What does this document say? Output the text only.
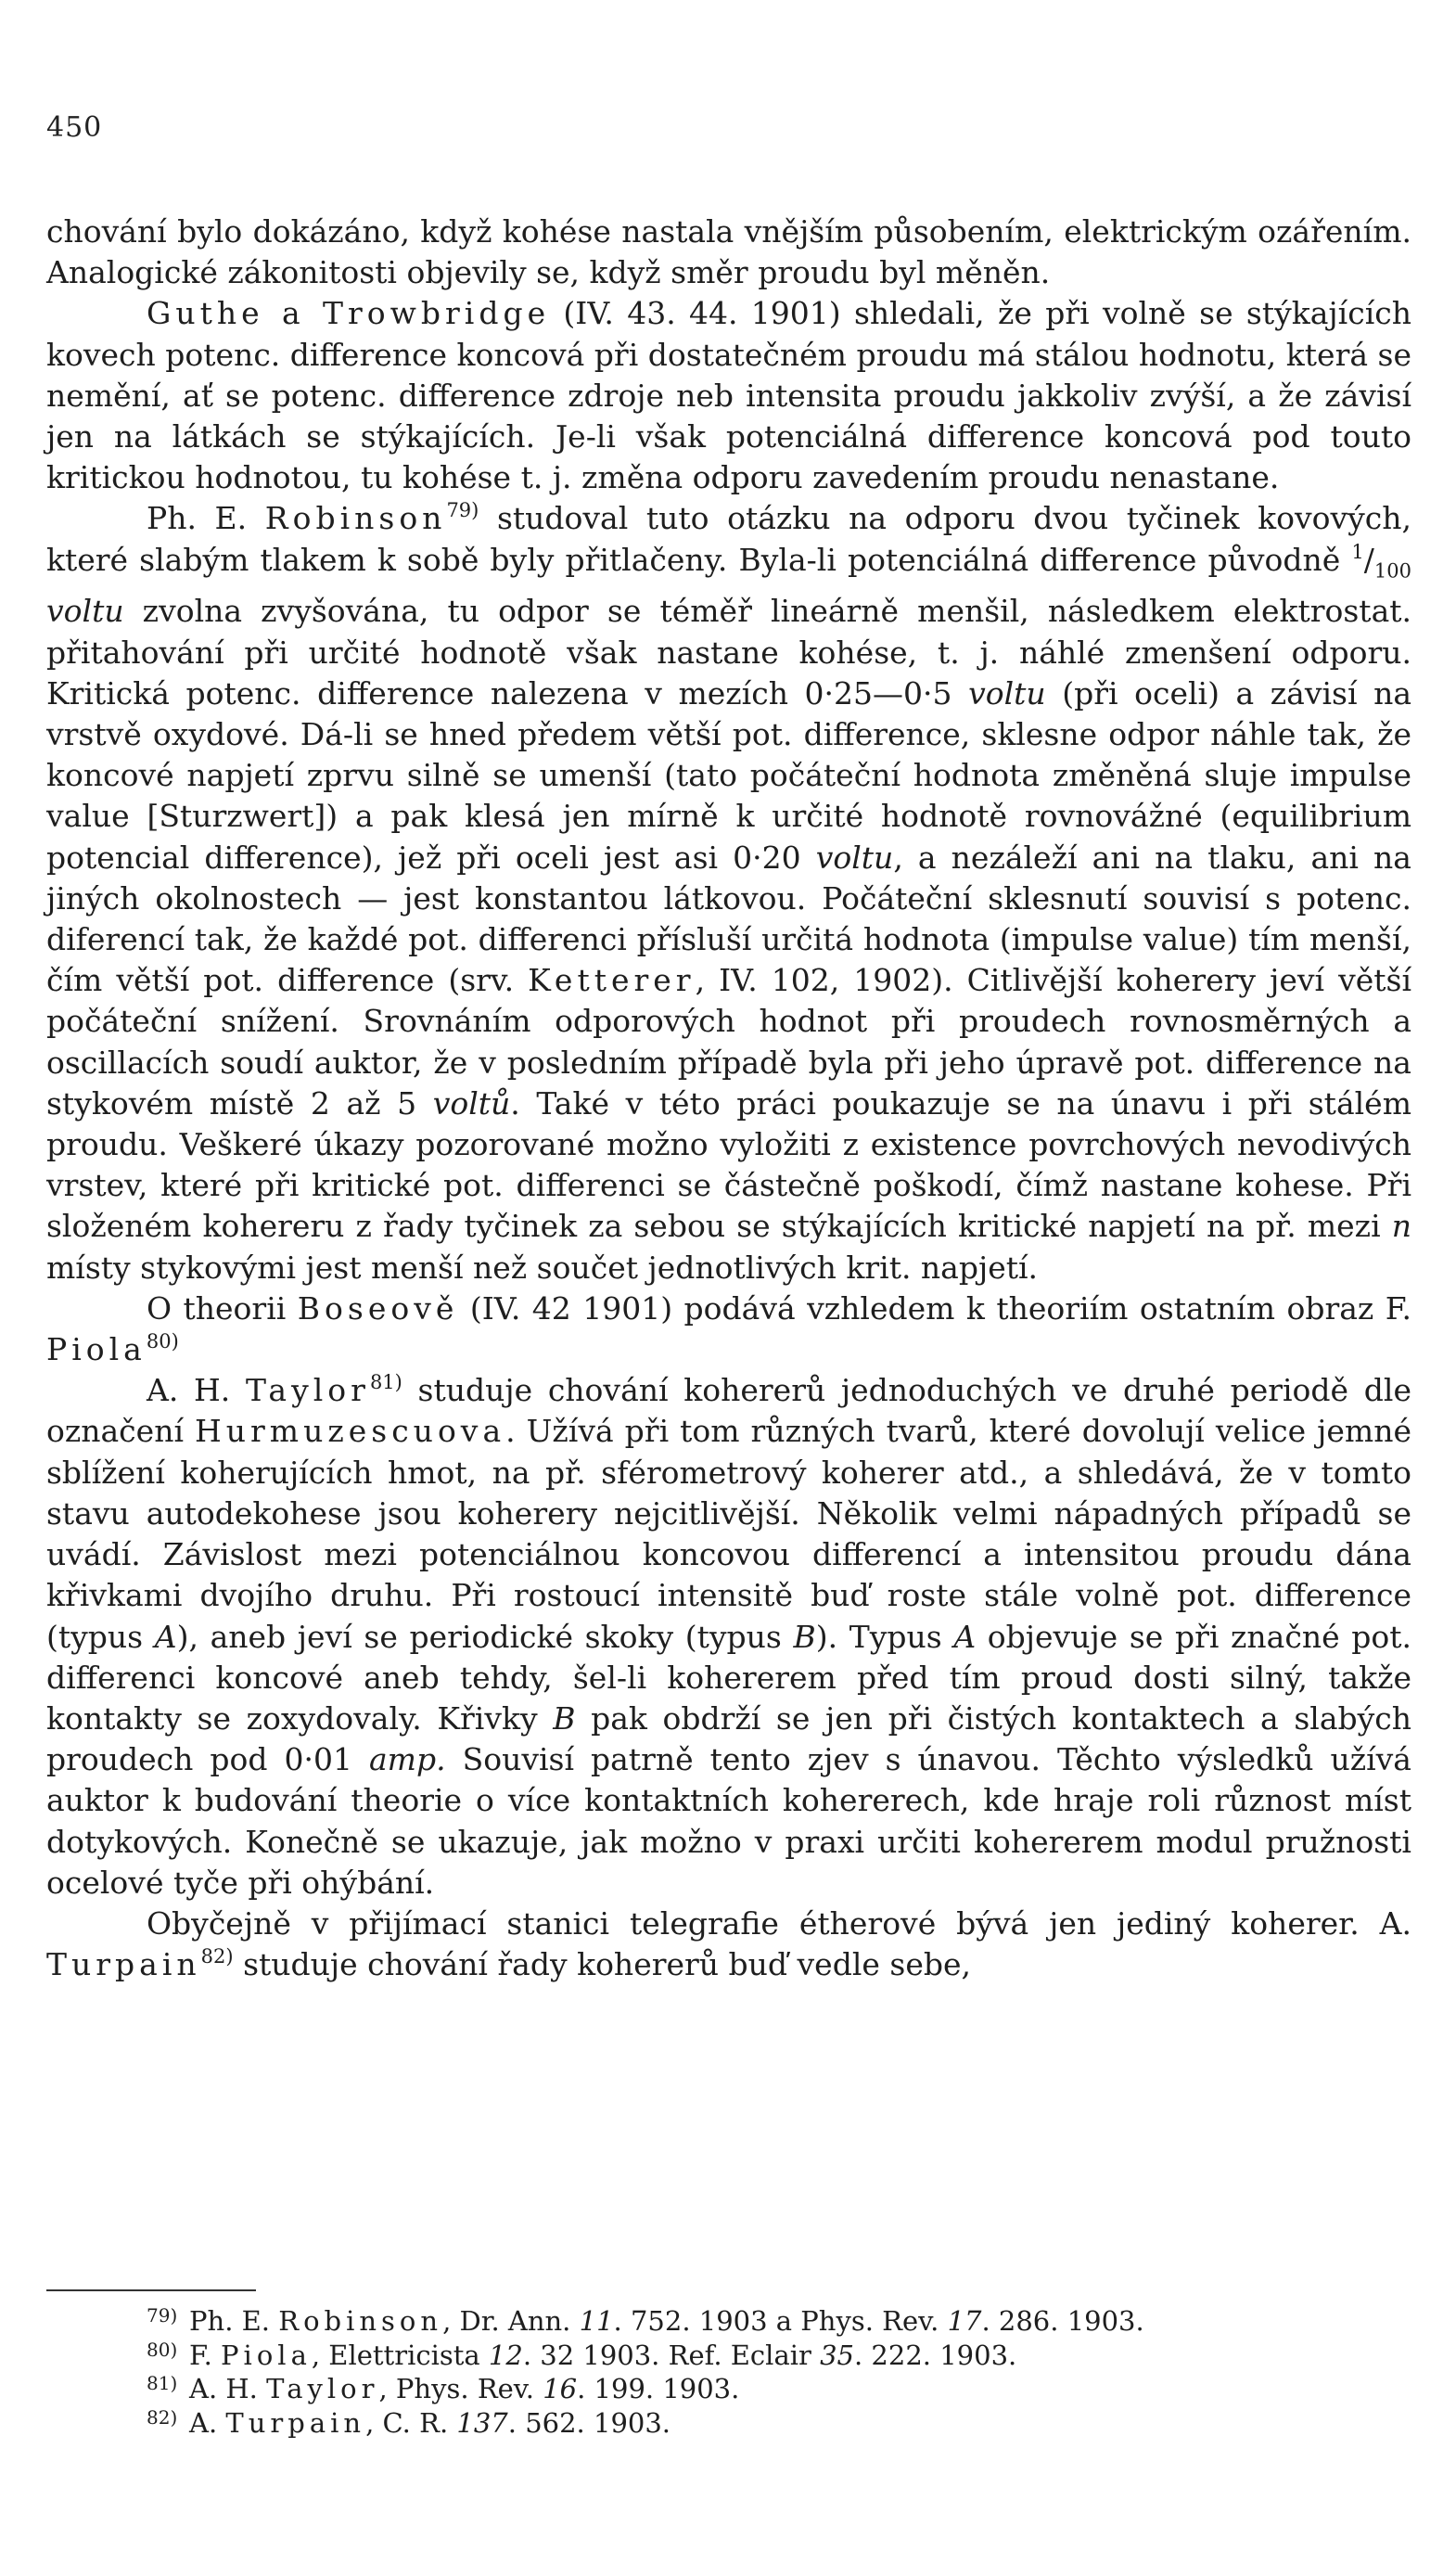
450

chování bylo dokázáno, když kohése nastala vnějším působením, elektrickým ozářením. Analogické zákonitosti objevily se, když směr proudu byl měněn.

Guthe a Trowbridge (IV. 43. 44. 1901) shledali, že při volně se stýkajících kovech potenc. difference koncová při dostatečném proudu má stálou hodnotu, která se nemění, ať se potenc. difference zdroje neb intensita proudu jakkoliv zvýší, a že závisí jen na látkách se stýkajících. Je-li však potenciálná difference koncová pod touto kritickou hodnotou, tu kohése t. j. změna odporu zavedením proudu nenastane.

Ph. E. Robinson$^{79)}$ studoval tuto otázku na odporu dvou tyčinek kovových, které slabým tlakem k sobě byly přitlačeny. Byla-li potenciálná difference původně $^1/_{100}$ voltu zvolna zvyšována, tu odpor se téměř lineárně menšil, následkem elektrostat. přitahování při určité hodnotě však nastane kohése, t. j. náhlé zmenšení odporu. Kritická potenc. difference nalezena v mezích 0·25—0·5 voltu (při oceli) a závisí na vrstvě oxydové. Dá-li se hned předem větší pot. difference, sklesne odpor náhle tak, že koncové napjetí zprvu silně se umenší (tato počáteční hodnota změněná sluje impulse value [Sturzwert]) a pak klesá jen mírně k určité hodnotě rovnovážné (equilibrium potencial difference), jež při oceli jest asi 0·20 voltu, a nezáleží ani na tlaku, ani na jiných okolnostech — jest konstantou látkovou. Počáteční sklesnutí souvisí s potenc. diferencí tak, že každé pot. differenci přísluší určitá hodnota (impulse value) tím menší, čím větší pot. difference (srv. Ketterer, IV. 102, 1902). Citlivější koherery jeví větší počáteční snížení. Srovnáním odporových hodnot při proudech rovnosměrných a oscillacích soudí auktor, že v posledním případě byla při jeho úpravě pot. difference na stykovém místě 2 až 5 voltů. Také v této práci poukazuje se na únavu i při stálém proudu. Veškeré úkazy pozorované možno vyložiti z existence povrchových nevodivých vrstev, které při kritické pot. differenci se částečně poškodí, čímž nastane kohese. Při složeném kohereru z řady tyčinek za sebou se stýkajících kritické napjetí na př. mezi n místy stykovými jest menší než součet jednotlivých krit. napjetí.

O theorii Boseově (IV. 42 1901) podává vzhledem k theoriím ostatním obraz F. Piola$^{80)}$

A. H. Taylor$^{81)}$ studuje chování kohererů jednoduchých ve druhé periodě dle označení Hurmuzescuova. Užívá při tom různých tvarů, které dovolují velice jemné sblížení koherujících hmot, na př. sférometrový koherer atd., a shledává, že v tomto stavu autodekohese jsou koherery nejcitlivější. Několik velmi nápadných případů se uvádí. Závislost mezi potenciálnou koncovou differencí a intensitou proudu dána křivkami dvojího druhu. Při rostoucí intensitě buď roste stále volně pot. difference (typus A), aneb jeví se periodické skoky (typus B). Typus A objevuje se při značné pot. differenci koncové aneb tehdy, šel-li kohererem před tím proud dosti silný, takže kontakty se zoxydovaly. Křivky B pak obdrží se jen při čistých kontaktech a slabých proudech pod 0·01 amp. Souvisí patrně tento zjev s únavou. Těchto výsledků užívá auktor k budování theorie o více kontaktních kohererech, kde hraje roli různost míst dotykových. Konečně se ukazuje, jak možno v praxi určiti kohererem modul pružnosti ocelové tyče při ohýbání.

Obyčejně v přijímací stanici telegrafie étherové bývá jen jediný koherer. A. Turpain$^{82)}$ studuje chování řady kohererů buď vedle sebe,

79) Ph. E. Robinson, Dr. Ann. 11. 752. 1903 a Phys. Rev. 17. 286. 1903.
80) F. Piola, Elettricista 12. 32 1903. Ref. Eclair 35. 222. 1903.
81) A. H. Taylor, Phys. Rev. 16. 199. 1903.
82) A. Turpain, C. R. 137. 562. 1903.
